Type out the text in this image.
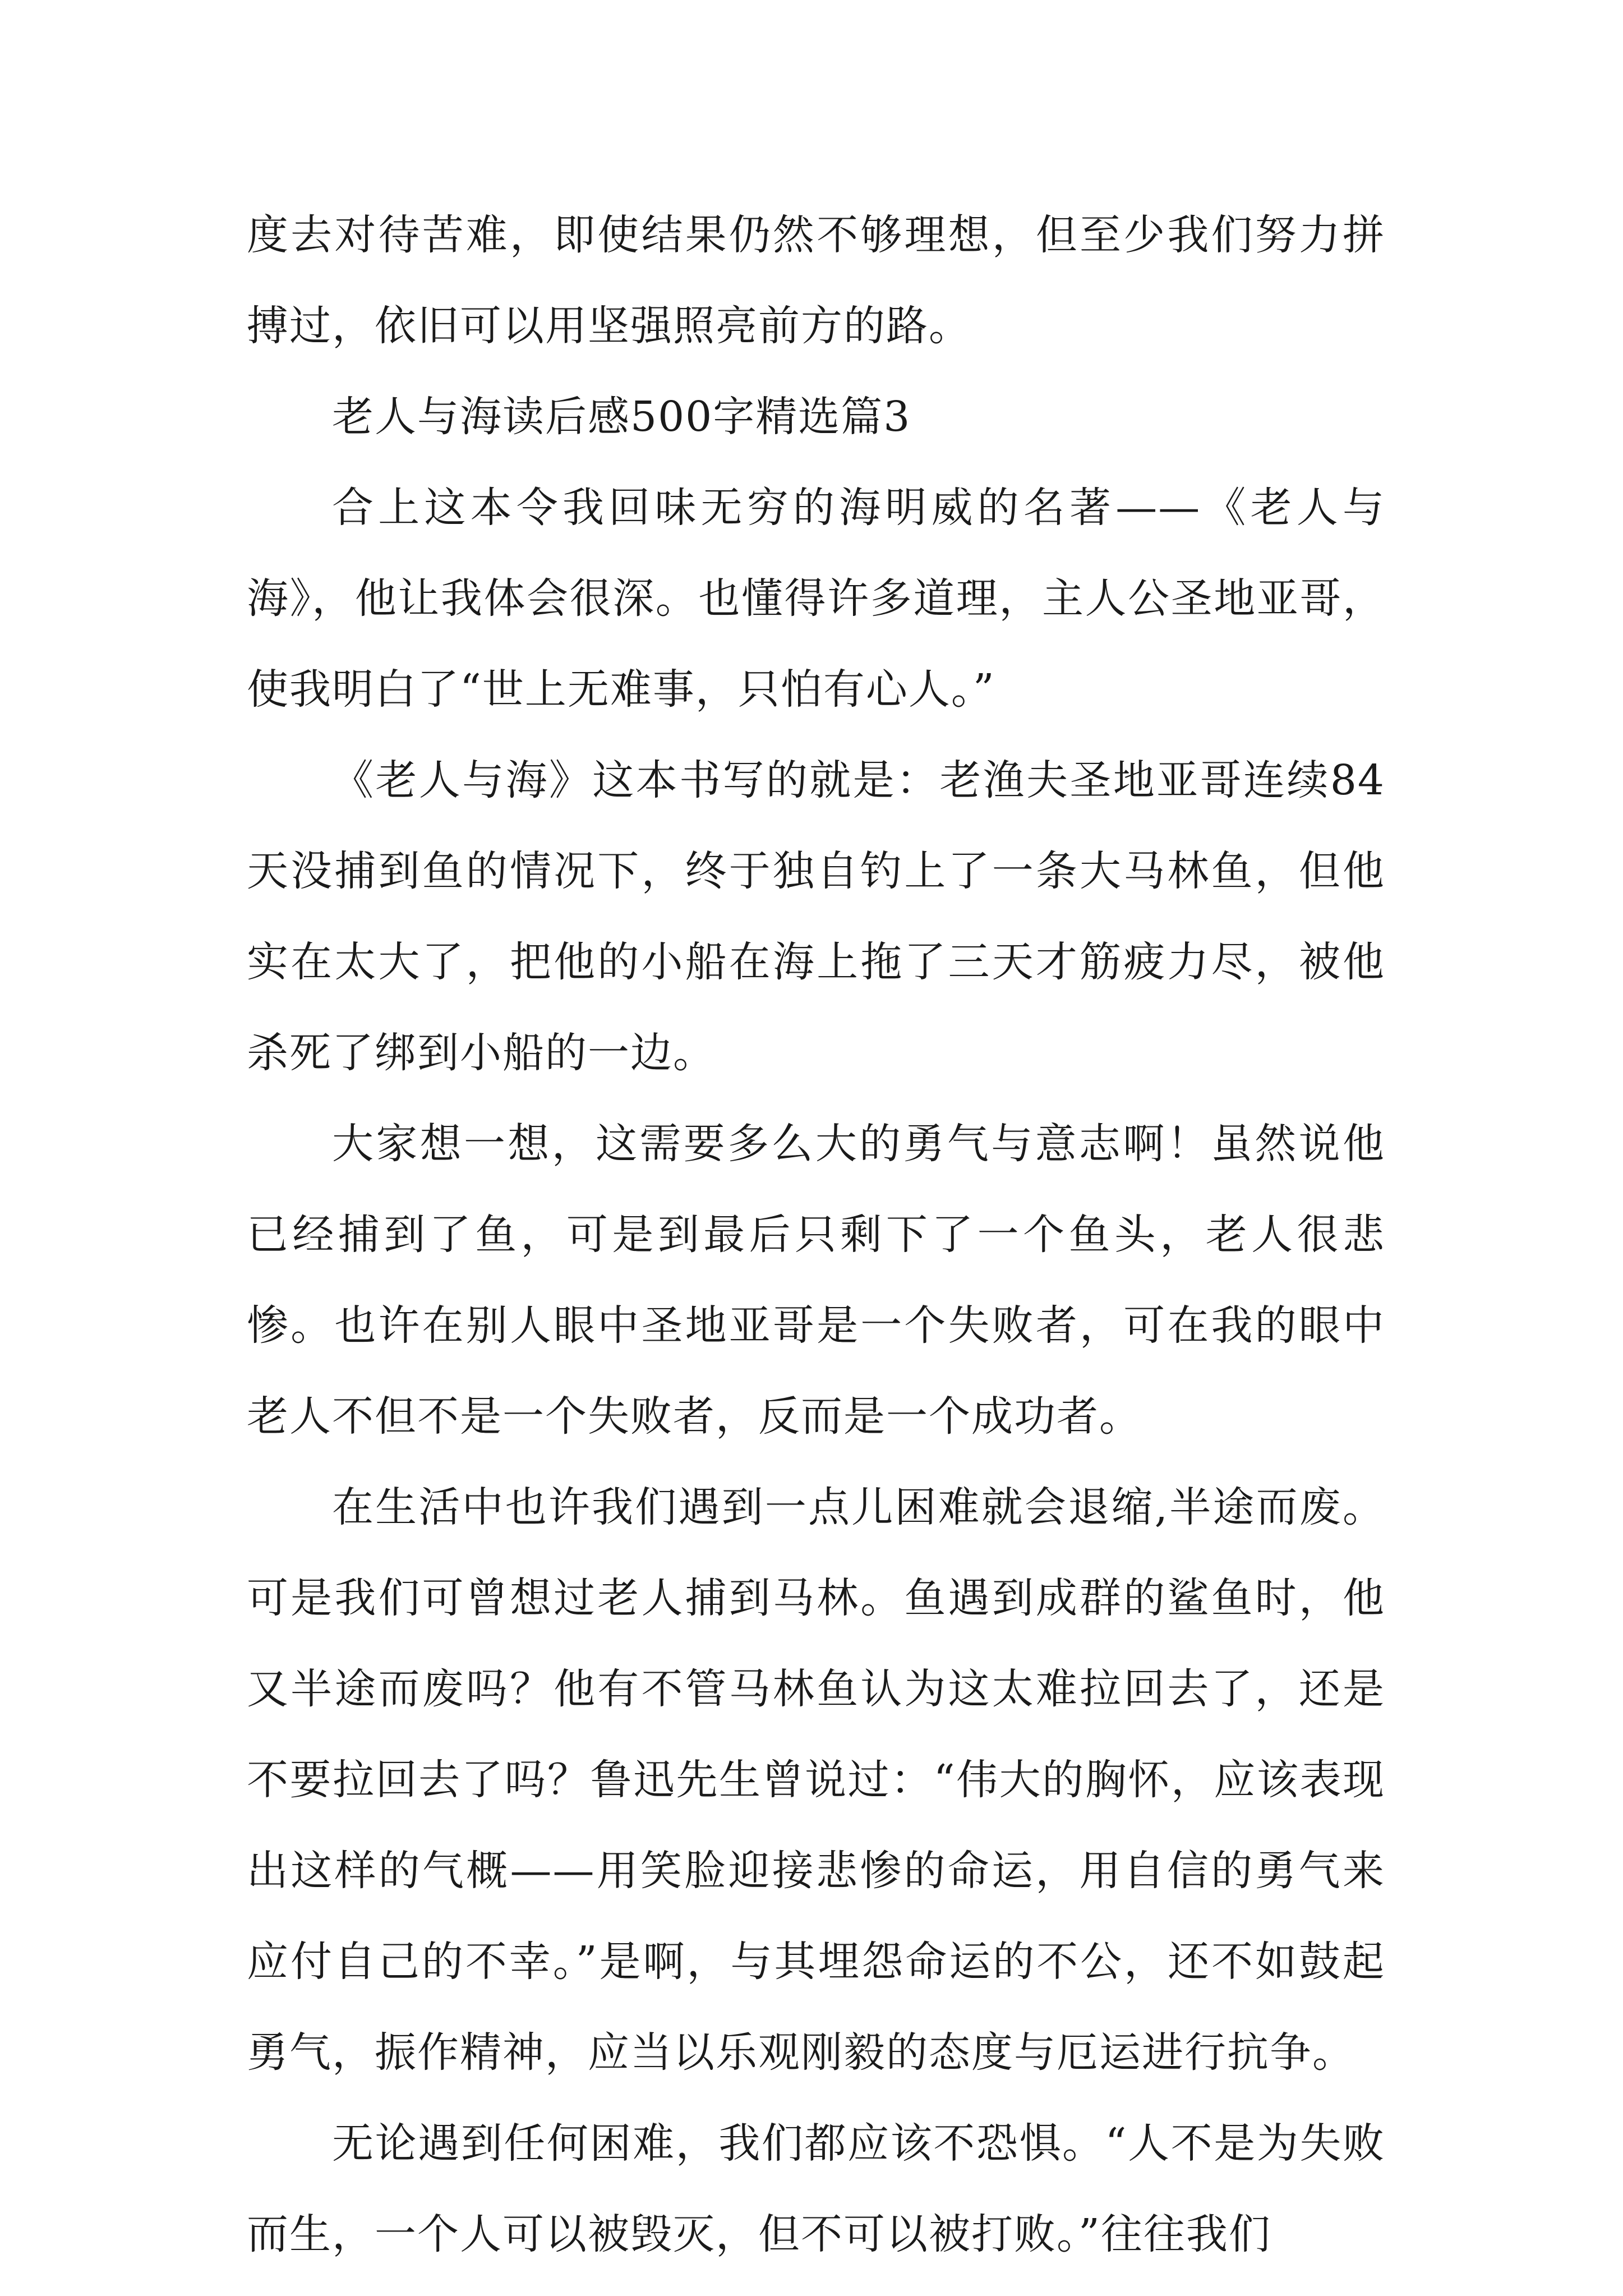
度去对待苦难，即使结果仍然不够理想，但至少我们努力拼搏过，依旧可以用坚强照亮前方的路。

老人与海读后感500字精选篇3

合上这本令我回味无穷的海明威的名著——《老人与海》，他让我体会很深。也懂得许多道理，主人公圣地亚哥，使我明白了“世上无难事，只怕有心人。”

《老人与海》这本书写的就是：老渔夫圣地亚哥连续84天没捕到鱼的情况下，终于独自钓上了一条大马林鱼，但他实在太大了，把他的小船在海上拖了三天才筋疲力尽，被他杀死了绑到小船的一边。

大家想一想，这需要多么大的勇气与意志啊！虽然说他已经捕到了鱼，可是到最后只剩下了一个鱼头，老人很悲惨。也许在别人眼中圣地亚哥是一个失败者，可在我的眼中老人不但不是一个失败者，反而是一个成功者。

在生活中也许我们遇到一点儿困难就会退缩,半途而废。可是我们可曾想过老人捕到马林。鱼遇到成群的鲨鱼时，他又半途而废吗？他有不管马林鱼认为这太难拉回去了，还是不要拉回去了吗？鲁迅先生曾说过：“伟大的胸怀，应该表现出这样的气概——用笑脸迎接悲惨的命运，用自信的勇气来应付自己的不幸。”是啊，与其埋怨命运的不公，还不如鼓起勇气，振作精神，应当以乐观刚毅的态度与厄运进行抗争。

无论遇到任何困难，我们都应该不恐惧。“人不是为失败而生，一个人可以被毁灭，但不可以被打败。”往往我们
